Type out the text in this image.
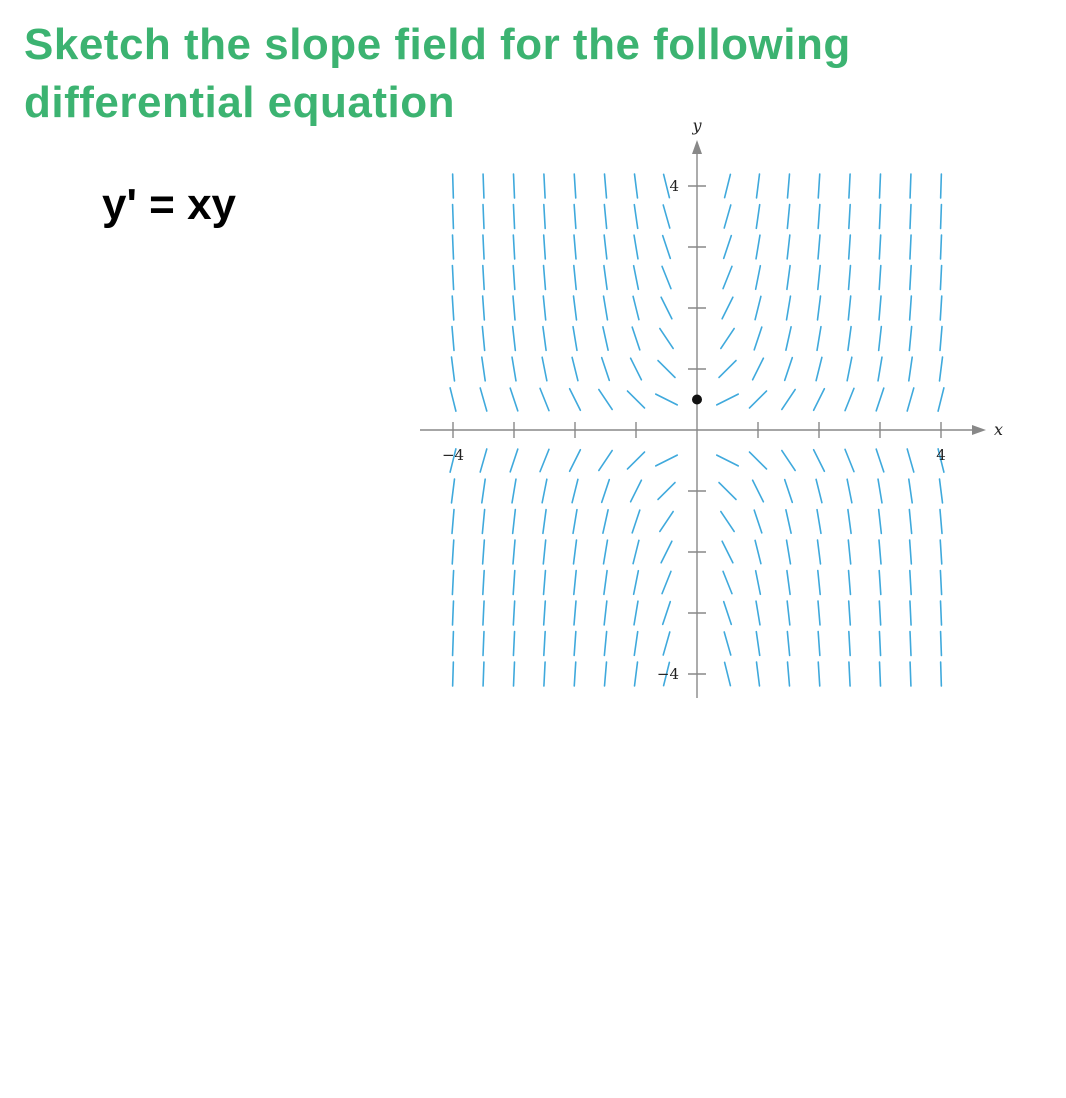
Sketch the slope field for the following differential equation
y' = xy
−4	4
4
−4
x
y
